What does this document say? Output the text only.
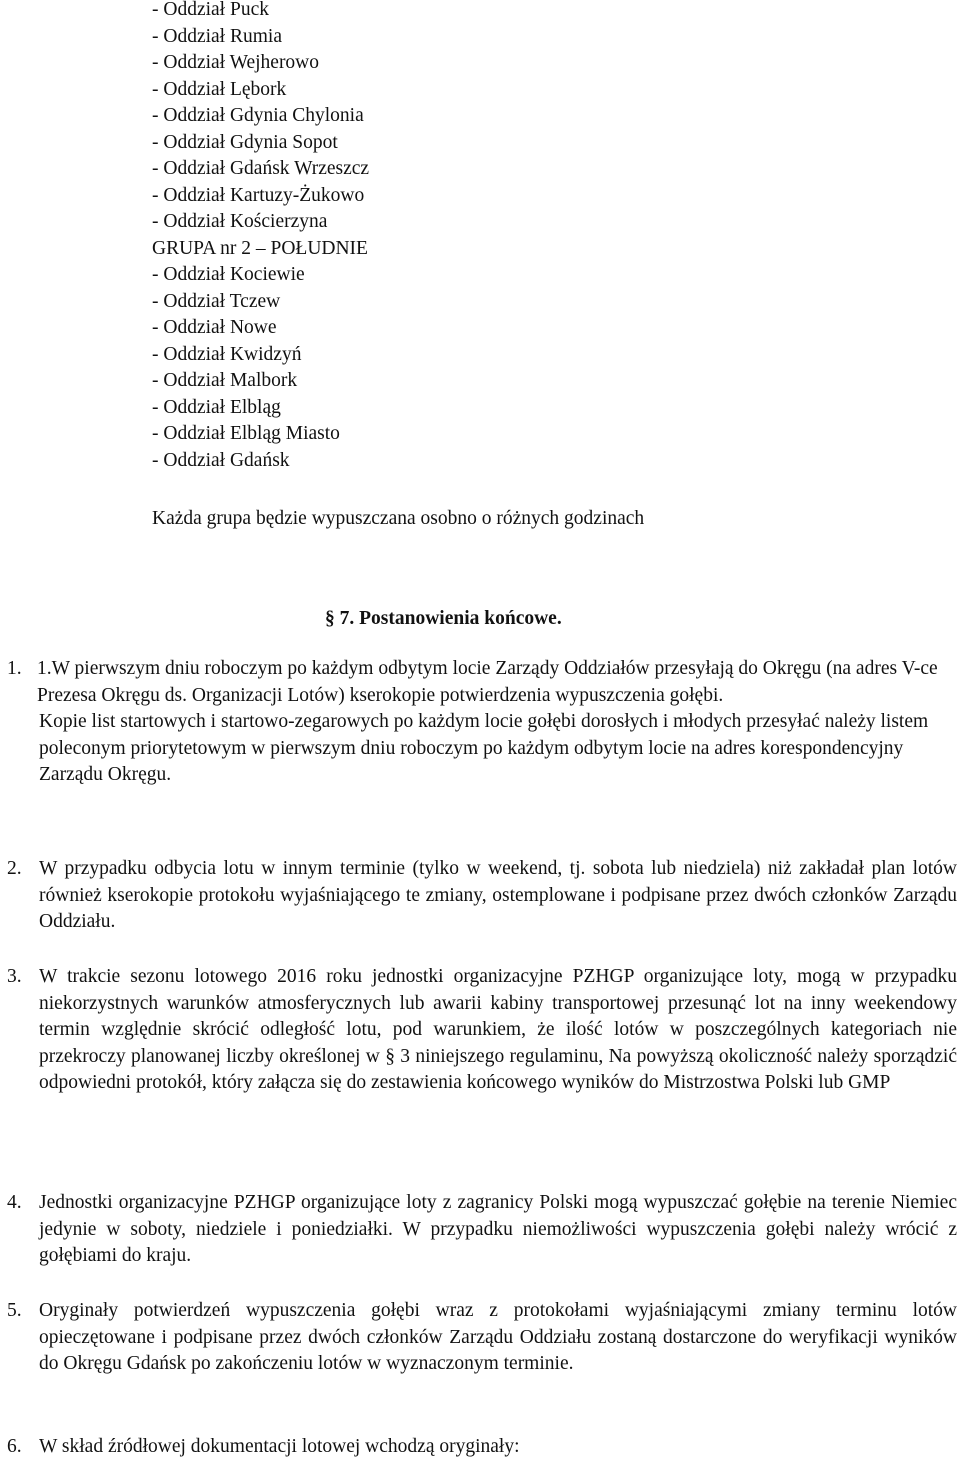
- Oddział Puck
- Oddział Rumia
- Oddział Wejherowo
- Oddział Lębork
- Oddział Gdynia Chylonia
- Oddział Gdynia Sopot
- Oddział Gdańsk Wrzeszcz
- Oddział Kartuzy-Żukowo
- Oddział Kościerzyna
GRUPA nr 2 – POŁUDNIE
- Oddział Kociewie
- Oddział Tczew
- Oddział Nowe
- Oddział Kwidzyń
- Oddział Malbork
- Oddział Elbląg
- Oddział Elbląg Miasto
- Oddział Gdańsk
Każda grupa będzie wypuszczana osobno o różnych godzinach
§ 7. Postanowienia końcowe.
1. 1.W pierwszym dniu roboczym po każdym odbytym locie Zarządy Oddziałów przesyłają do Okręgu (na adres V-ce Prezesa Okręgu ds. Organizacji Lotów) kserokopie potwierdzenia wypuszczenia gołębi.
Kopie list startowych i startowo-zegarowych po każdym locie gołębi dorosłych i młodych przesyłać należy listem poleconym priorytetowym w pierwszym dniu roboczym po każdym odbytym locie na adres korespondencyjny Zarządu Okręgu.
2. W przypadku odbycia lotu w innym terminie (tylko w weekend, tj. sobota lub niedziela) niż zakładał plan lotów również kserokopie protokołu wyjaśniającego te zmiany, ostemplowane i podpisane przez dwóch członków Zarządu Oddziału.
3. W trakcie sezonu lotowego 2016 roku jednostki organizacyjne PZHGP organizujące loty, mogą w przypadku niekorzystnych warunków atmosferycznych lub awarii kabiny transportowej przesunąć lot na inny weekendowy termin względnie skrócić odległość lotu, pod warunkiem, że ilość lotów w poszczególnych kategoriach nie przekroczy planowanej liczby określonej w § 3 niniejszego regulaminu, Na powyższą okoliczność należy sporządzić odpowiedni protokół, który załącza się do zestawienia końcowego wyników do Mistrzostwa Polski lub GMP
4. Jednostki organizacyjne PZHGP organizujące loty z zagranicy Polski mogą wypuszczać gołębie na terenie Niemiec jedynie w soboty, niedziele i poniedziałki. W przypadku niemożliwości wypuszczenia gołębi należy wrócić z gołębiami do kraju.
5. Oryginały potwierdzeń wypuszczenia gołębi wraz z protokołami wyjaśniającymi zmiany terminu lotów opieczętowane i podpisane przez dwóch członków Zarządu Oddziału zostaną dostarczone do weryfikacji wyników do Okręgu Gdańsk po zakończeniu lotów w wyznaczonym terminie.
6. W skład źródłowej dokumentacji lotowej wchodzą oryginały:
